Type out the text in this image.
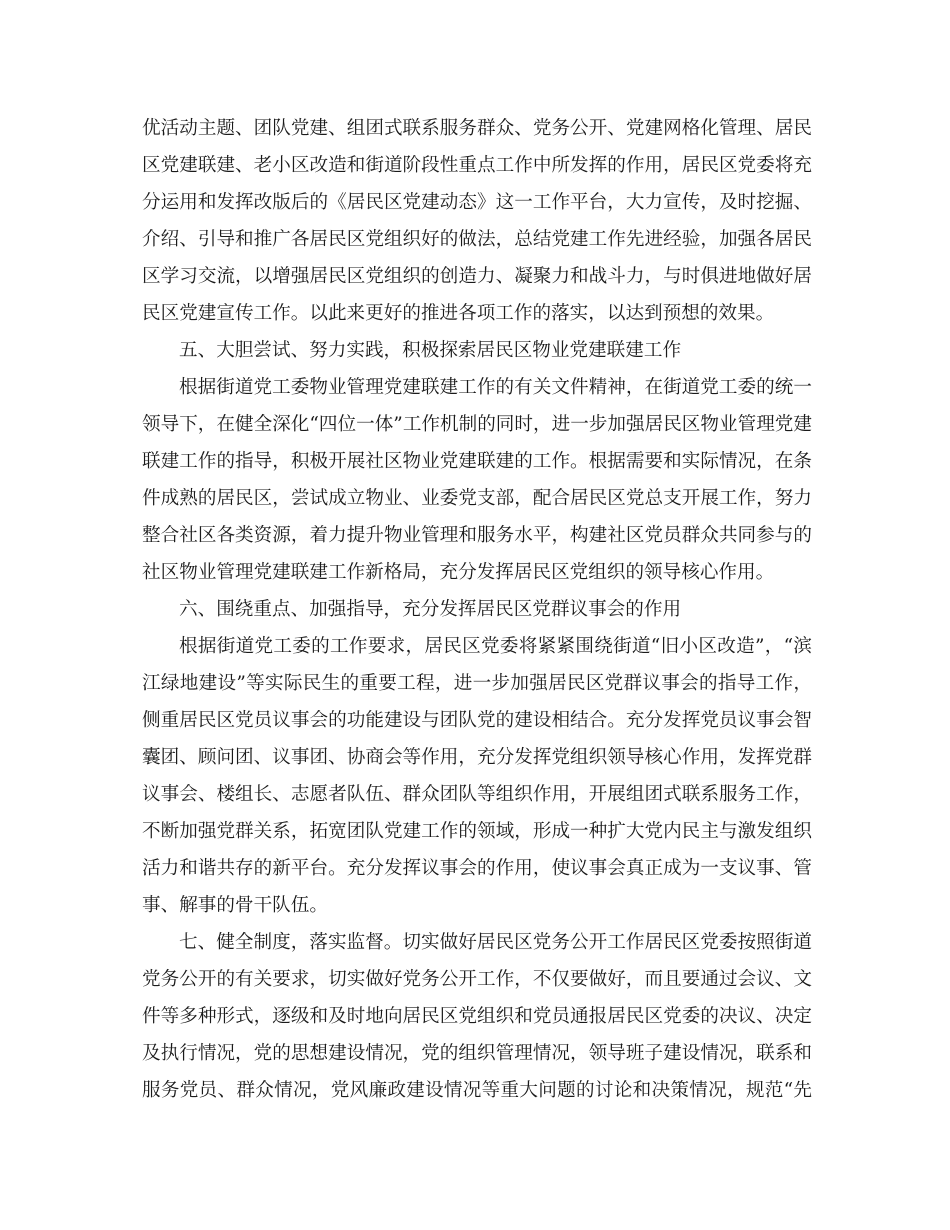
优活动主题、团队党建、组团式联系服务群众、党务公开、党建网格化管理、居民
区党建联建、老小区改造和街道阶段性重点工作中所发挥的作用，居民区党委将充
分运用和发挥改版后的《居民区党建动态》这一工作平台，大力宣传，及时挖掘、
介绍、引导和推广各居民区党组织好的做法，总结党建工作先进经验，加强各居民
区学习交流，以增强居民区党组织的创造力、凝聚力和战斗力，与时俱进地做好居
民区党建宣传工作。以此来更好的推进各项工作的落实，以达到预想的效果。
五、大胆尝试、努力实践，积极探索居民区物业党建联建工作
根据街道党工委物业管理党建联建工作的有关文件精神，在街道党工委的统一
领导下，在健全深化“四位一体”工作机制的同时，进一步加强居民区物业管理党建
联建工作的指导，积极开展社区物业党建联建的工作。根据需要和实际情况，在条
件成熟的居民区，尝试成立物业、业委党支部，配合居民区党总支开展工作，努力
整合社区各类资源，着力提升物业管理和服务水平，构建社区党员群众共同参与的
社区物业管理党建联建工作新格局，充分发挥居民区党组织的领导核心作用。
六、围绕重点、加强指导，充分发挥居民区党群议事会的作用
根据街道党工委的工作要求，居民区党委将紧紧围绕街道“旧小区改造”，“滨
江绿地建设”等实际民生的重要工程，进一步加强居民区党群议事会的指导工作，
侧重居民区党员议事会的功能建设与团队党的建设相结合。充分发挥党员议事会智
囊团、顾问团、议事团、协商会等作用，充分发挥党组织领导核心作用，发挥党群
议事会、楼组长、志愿者队伍、群众团队等组织作用，开展组团式联系服务工作，
不断加强党群关系，拓宽团队党建工作的领域，形成一种扩大党内民主与激发组织
活力和谐共存的新平台。充分发挥议事会的作用，使议事会真正成为一支议事、管
事、解事的骨干队伍。
七、健全制度，落实监督。切实做好居民区党务公开工作居民区党委按照街道
党务公开的有关要求，切实做好党务公开工作，不仅要做好，而且要通过会议、文
件等多种形式，逐级和及时地向居民区党组织和党员通报居民区党委的决议、决定
及执行情况，党的思想建设情况，党的组织管理情况，领导班子建设情况，联系和
服务党员、群众情况，党风廉政建设情况等重大问题的讨论和决策情况，规范“先
